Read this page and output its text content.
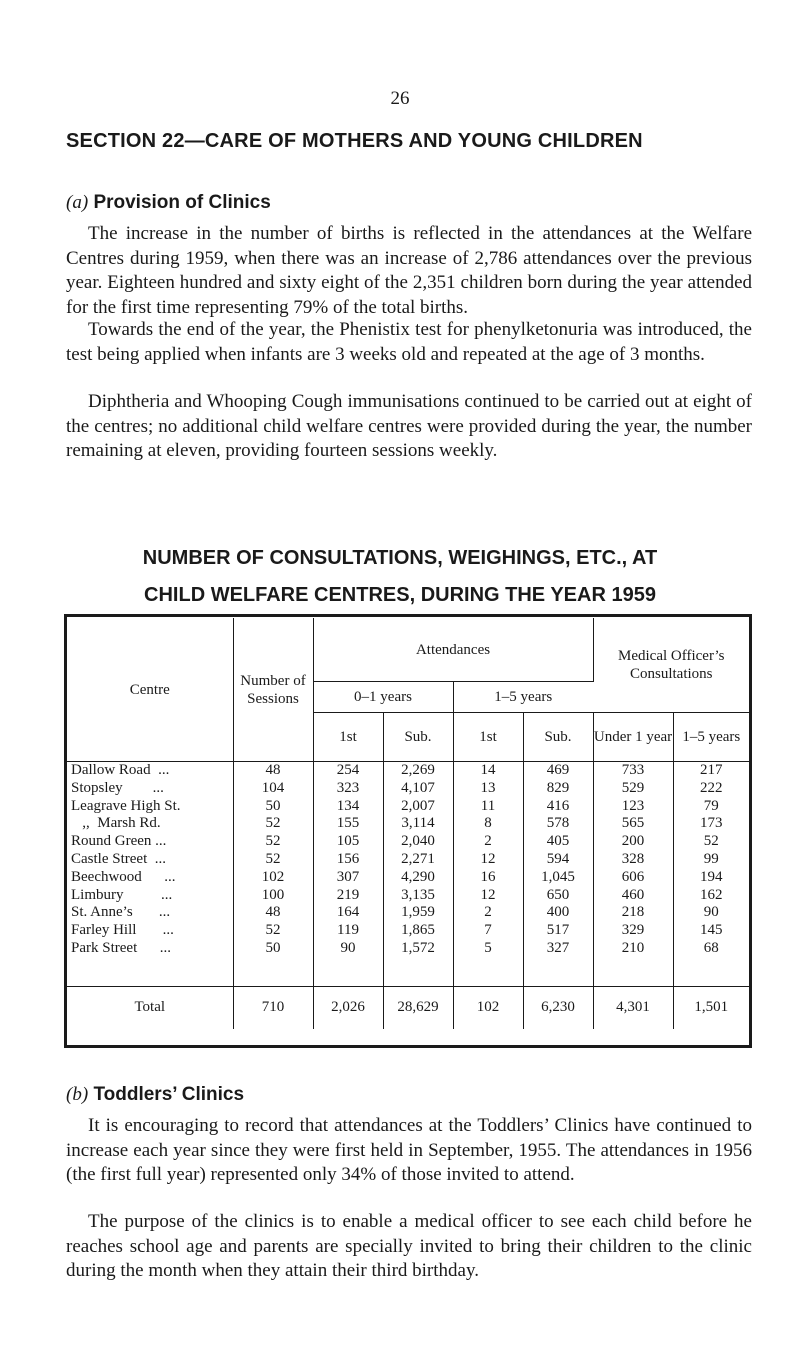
26
SECTION 22—CARE OF MOTHERS AND YOUNG CHILDREN
(a) Provision of Clinics

The increase in the number of births is reflected in the attendances at the Welfare Centres during 1959, when there was an increase of 2,786 attendances over the previous year. Eighteen hundred and sixty eight of the 2,351 children born during the year attended for the first time representing 79% of the total births.

Towards the end of the year, the Phenistix test for phenylketonuria was introduced, the test being applied when infants are 3 weeks old and repeated at the age of 3 months.

Diphtheria and Whooping Cough immunisations continued to be carried out at eight of the centres; no additional child welfare centres were provided during the year, the number remaining at eleven, providing fourteen sessions weekly.

NUMBER OF CONSULTATIONS, WEIGHINGS, ETC., AT
CHILD WELFARE CENTRES, DURING THE YEAR 1959
Centre	Number of Sessions	Attendances				Medical Officer’s Consultations	
		0–1 years		1–5 years			
		1st	Sub.	1st	Sub.	Under 1 year	1–5 years
Dallow Road  ...	48	254	2,269	14	469	733	217
Stopsley        ...	104	323	4,107	13	829	529	222
Leagrave High St.	50	134	2,007	11	416	123	79
,,  Marsh Rd.	52	155	3,114	8	578	565	173
Round Green ...	52	105	2,040	2	405	200	52
Castle Street  ...	52	156	2,271	12	594	328	99
Beechwood      ...	102	307	4,290	16	1,045	606	194
Limbury          ...	100	219	3,135	12	650	460	162
St. Anne’s       ...	48	164	1,959	2	400	218	90
Farley Hill       ...	52	119	1,865	7	517	329	145
Park Street      ...	50	90	1,572	5	327	210	68

Total	710	2,026	28,629	102	6,230	4,301	1,501
(b) Toddlers’ Clinics

It is encouraging to record that attendances at the Toddlers’ Clinics have continued to increase each year since they were first held in September, 1955. The attendances in 1956 (the first full year) represented only 34% of those invited to attend.

The purpose of the clinics is to enable a medical officer to see each child before he reaches school age and parents are specially invited to bring their children to the clinic during the month when they attain their third birthday.
